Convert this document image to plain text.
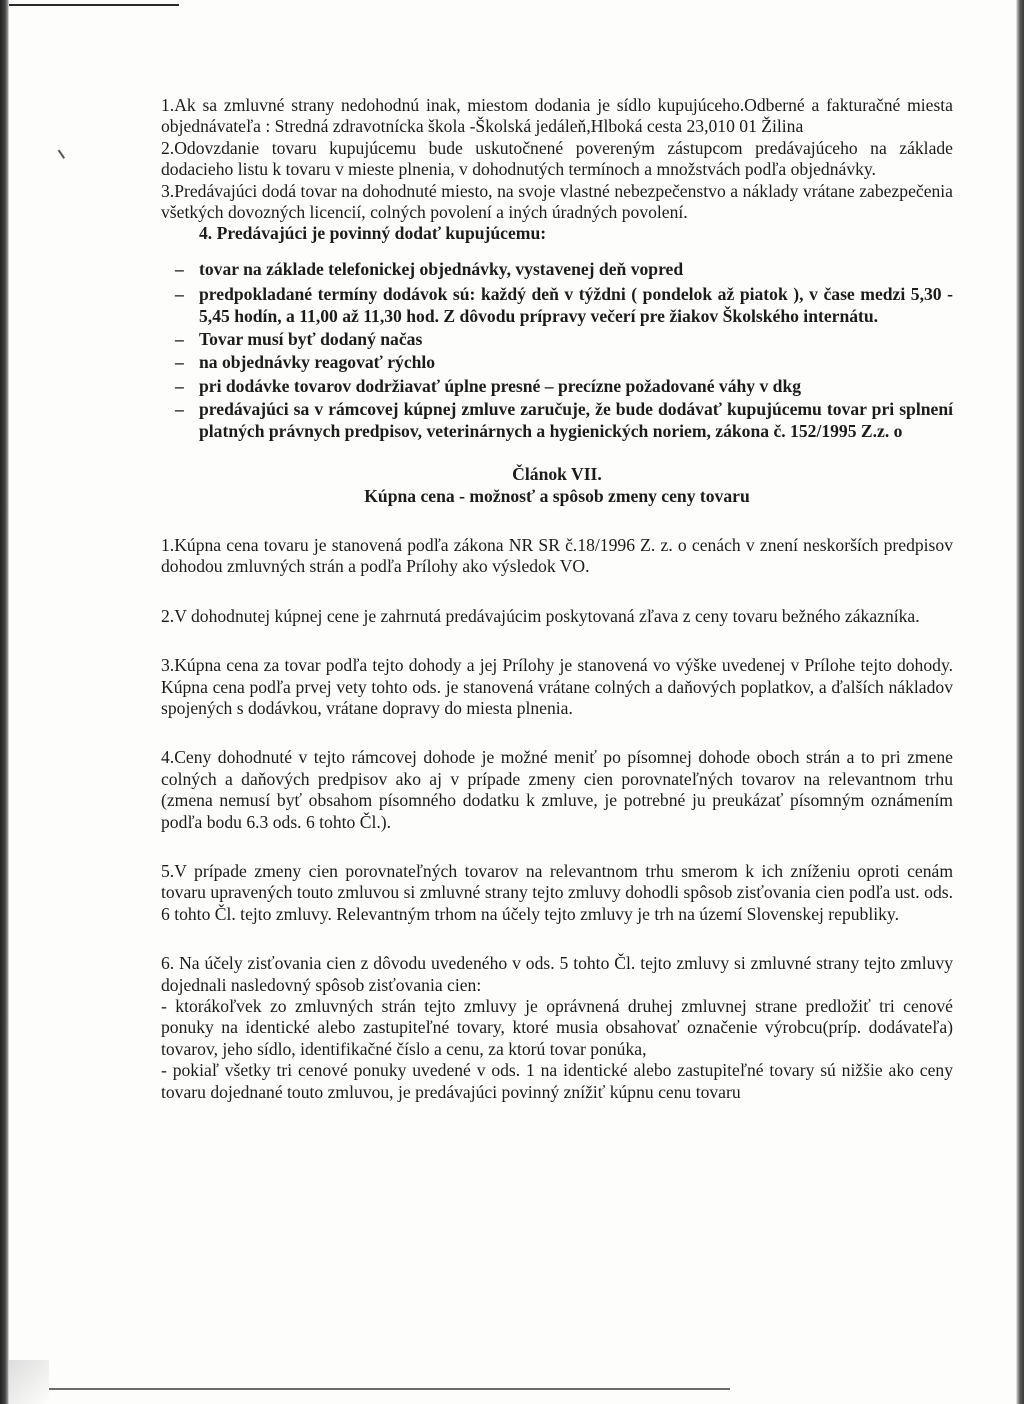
1.Ak sa zmluvné strany nedohodnú inak, miestom dodania je sídlo kupujúceho.Odberné a fakturačné miesta objednávateľa : Stredná zdravotnícka škola -Školská jedáleň,Hlboká cesta 23,010 01 Žilina

2.Odovzdanie tovaru kupujúcemu bude uskutočnené povereným zástupcom predávajúceho na základe dodacieho listu k tovaru v mieste plnenia, v dohodnutých termínoch a množstvách podľa objednávky.

3.Predávajúci dodá tovar na dohodnuté miesto, na svoje vlastné nebezpečenstvo a náklady vrátane zabezpečenia všetkých dovozných licencií, colných povolení a iných úradných povolení.

4. Predávajúci je povinný dodať kupujúcemu:

– tovar na základe telefonickej objednávky, vystavenej deň vopred
– predpokladané termíny dodávok sú: každý deň v týždni ( pondelok až piatok ), v čase medzi 5,30 - 5,45 hodín, a 11,00 až 11,30 hod. Z dôvodu prípravy večerí pre žiakov Školského internátu.
– Tovar musí byť dodaný načas
– na objednávky reagovať rýchlo
– pri dodávke tovarov dodržiavať úplne presné – precízne požadované váhy v dkg
– predávajúci sa v rámcovej kúpnej zmluve zaručuje, že bude dodávať kupujúcemu tovar pri splnení platných právnych predpisov, veterinárnych a hygienických noriem, zákona č. 152/1995 Z.z. o

Článok VII.

Kúpna cena - možnosť a spôsob zmeny ceny tovaru

1.Kúpna cena tovaru je stanovená podľa zákona NR SR č.18/1996 Z. z. o cenách v znení neskorších predpisov dohodou zmluvných strán a podľa Prílohy ako výsledok VO.

2.V dohodnutej kúpnej cene je zahrnutá predávajúcim poskytovaná zľava z ceny tovaru bežného zákazníka.

3.Kúpna cena za tovar podľa tejto dohody a jej Prílohy je stanovená vo výške uvedenej v Prílohe tejto dohody. Kúpna cena podľa prvej vety tohto ods. je stanovená vrátane colných a daňových poplatkov, a ďalších nákladov spojených s dodávkou, vrátane dopravy do miesta plnenia.

4.Ceny dohodnuté v tejto rámcovej dohode je možné meniť po písomnej dohode oboch strán a to pri zmene colných a daňových predpisov ako aj v prípade zmeny cien porovnateľných tovarov na relevantnom trhu (zmena nemusí byť obsahom písomného dodatku k zmluve, je potrebné ju preukázať písomným oznámením podľa bodu 6.3 ods. 6 tohto Čl.).

5.V prípade zmeny cien porovnateľných tovarov na relevantnom trhu smerom k ich zníženiu oproti cenám tovaru upravených touto zmluvou si zmluvné strany tejto zmluvy dohodli spôsob zisťovania cien podľa ust. ods. 6 tohto Čl. tejto zmluvy. Relevantným trhom na účely tejto zmluvy je trh na území Slovenskej republiky.

6. Na účely zisťovania cien z dôvodu uvedeného v ods. 5 tohto Čl. tejto zmluvy si zmluvné strany tejto zmluvy dojednali nasledovný spôsob zisťovania cien:

- ktorákoľvek zo zmluvných strán tejto zmluvy je oprávnená druhej zmluvnej strane predložiť tri cenové ponuky na identické alebo zastupiteľné tovary, ktoré musia obsahovať označenie výrobcu(príp. dodávateľa) tovarov, jeho sídlo, identifikačné číslo a cenu, za ktorú tovar ponúka,

- pokiaľ všetky tri cenové ponuky uvedené v ods. 1 na identické alebo zastupiteľné tovary sú nižšie ako ceny tovaru dojednané touto zmluvou, je predávajúci povinný znížiť kúpnu cenu tovaru
